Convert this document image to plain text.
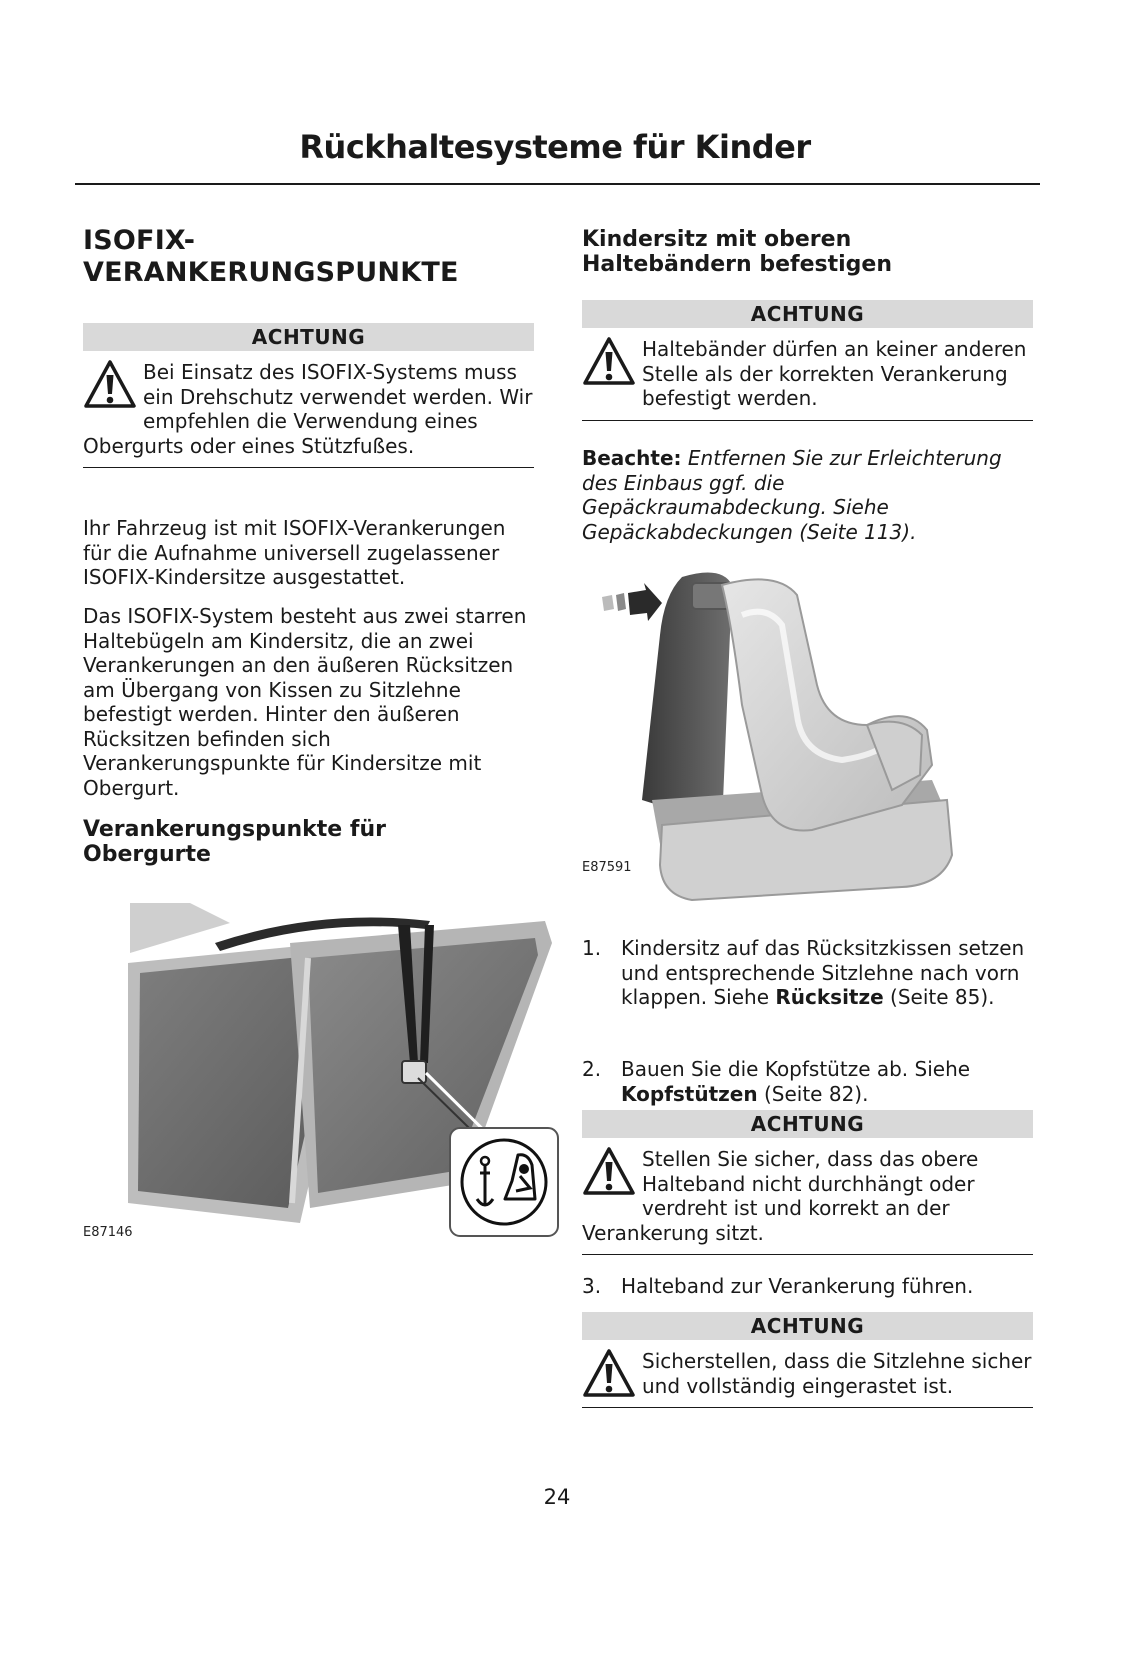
Rückhaltesysteme für Kinder
ISOFIX-
VERANKERUNGSPUNKTE
ACHTUNG
Bei Einsatz des ISOFIX-Systems muss ein Drehschutz verwendet werden. Wir empfehlen die Verwendung eines Obergurts oder eines Stützfußes.

Ihr Fahrzeug ist mit ISOFIX-Verankerungen für die Aufnahme universell zugelassener ISOFIX-Kindersitze ausgestattet.

Das ISOFIX-System besteht aus zwei starren Haltebügeln am Kindersitz, die an zwei Verankerungen an den äußeren Rücksitzen am Übergang von Kissen zu Sitzlehne befestigt werden. Hinter den äußeren Rücksitzen befinden sich Verankerungspunkte für Kindersitze mit Obergurt.

Verankerungspunkte für
Obergurte
E87146
Kindersitz mit oberen
Haltebändern befestigen
ACHTUNG
Haltebänder dürfen an keiner anderen Stelle als der korrekten Verankerung befestigt werden.

Beachte: Entfernen Sie zur Erleichterung des Einbaus ggf. die Gepäckraumabdeckung. Siehe Gepäckabdeckungen (Seite 113).

E87591
1. Kindersitz auf das Rücksitzkissen setzen und entsprechende Sitzlehne nach vorn klappen. Siehe Rücksitze (Seite 85).
2. Bauen Sie die Kopfstütze ab. Siehe Kopfstützen (Seite 82).
ACHTUNG
Stellen Sie sicher, dass das obere Halteband nicht durchhängt oder verdreht ist und korrekt an der Verankerung sitzt.
3. Halteband zur Verankerung führen.
ACHTUNG
Sicherstellen, dass die Sitzlehne sicher und vollständig eingerastet ist.
24
